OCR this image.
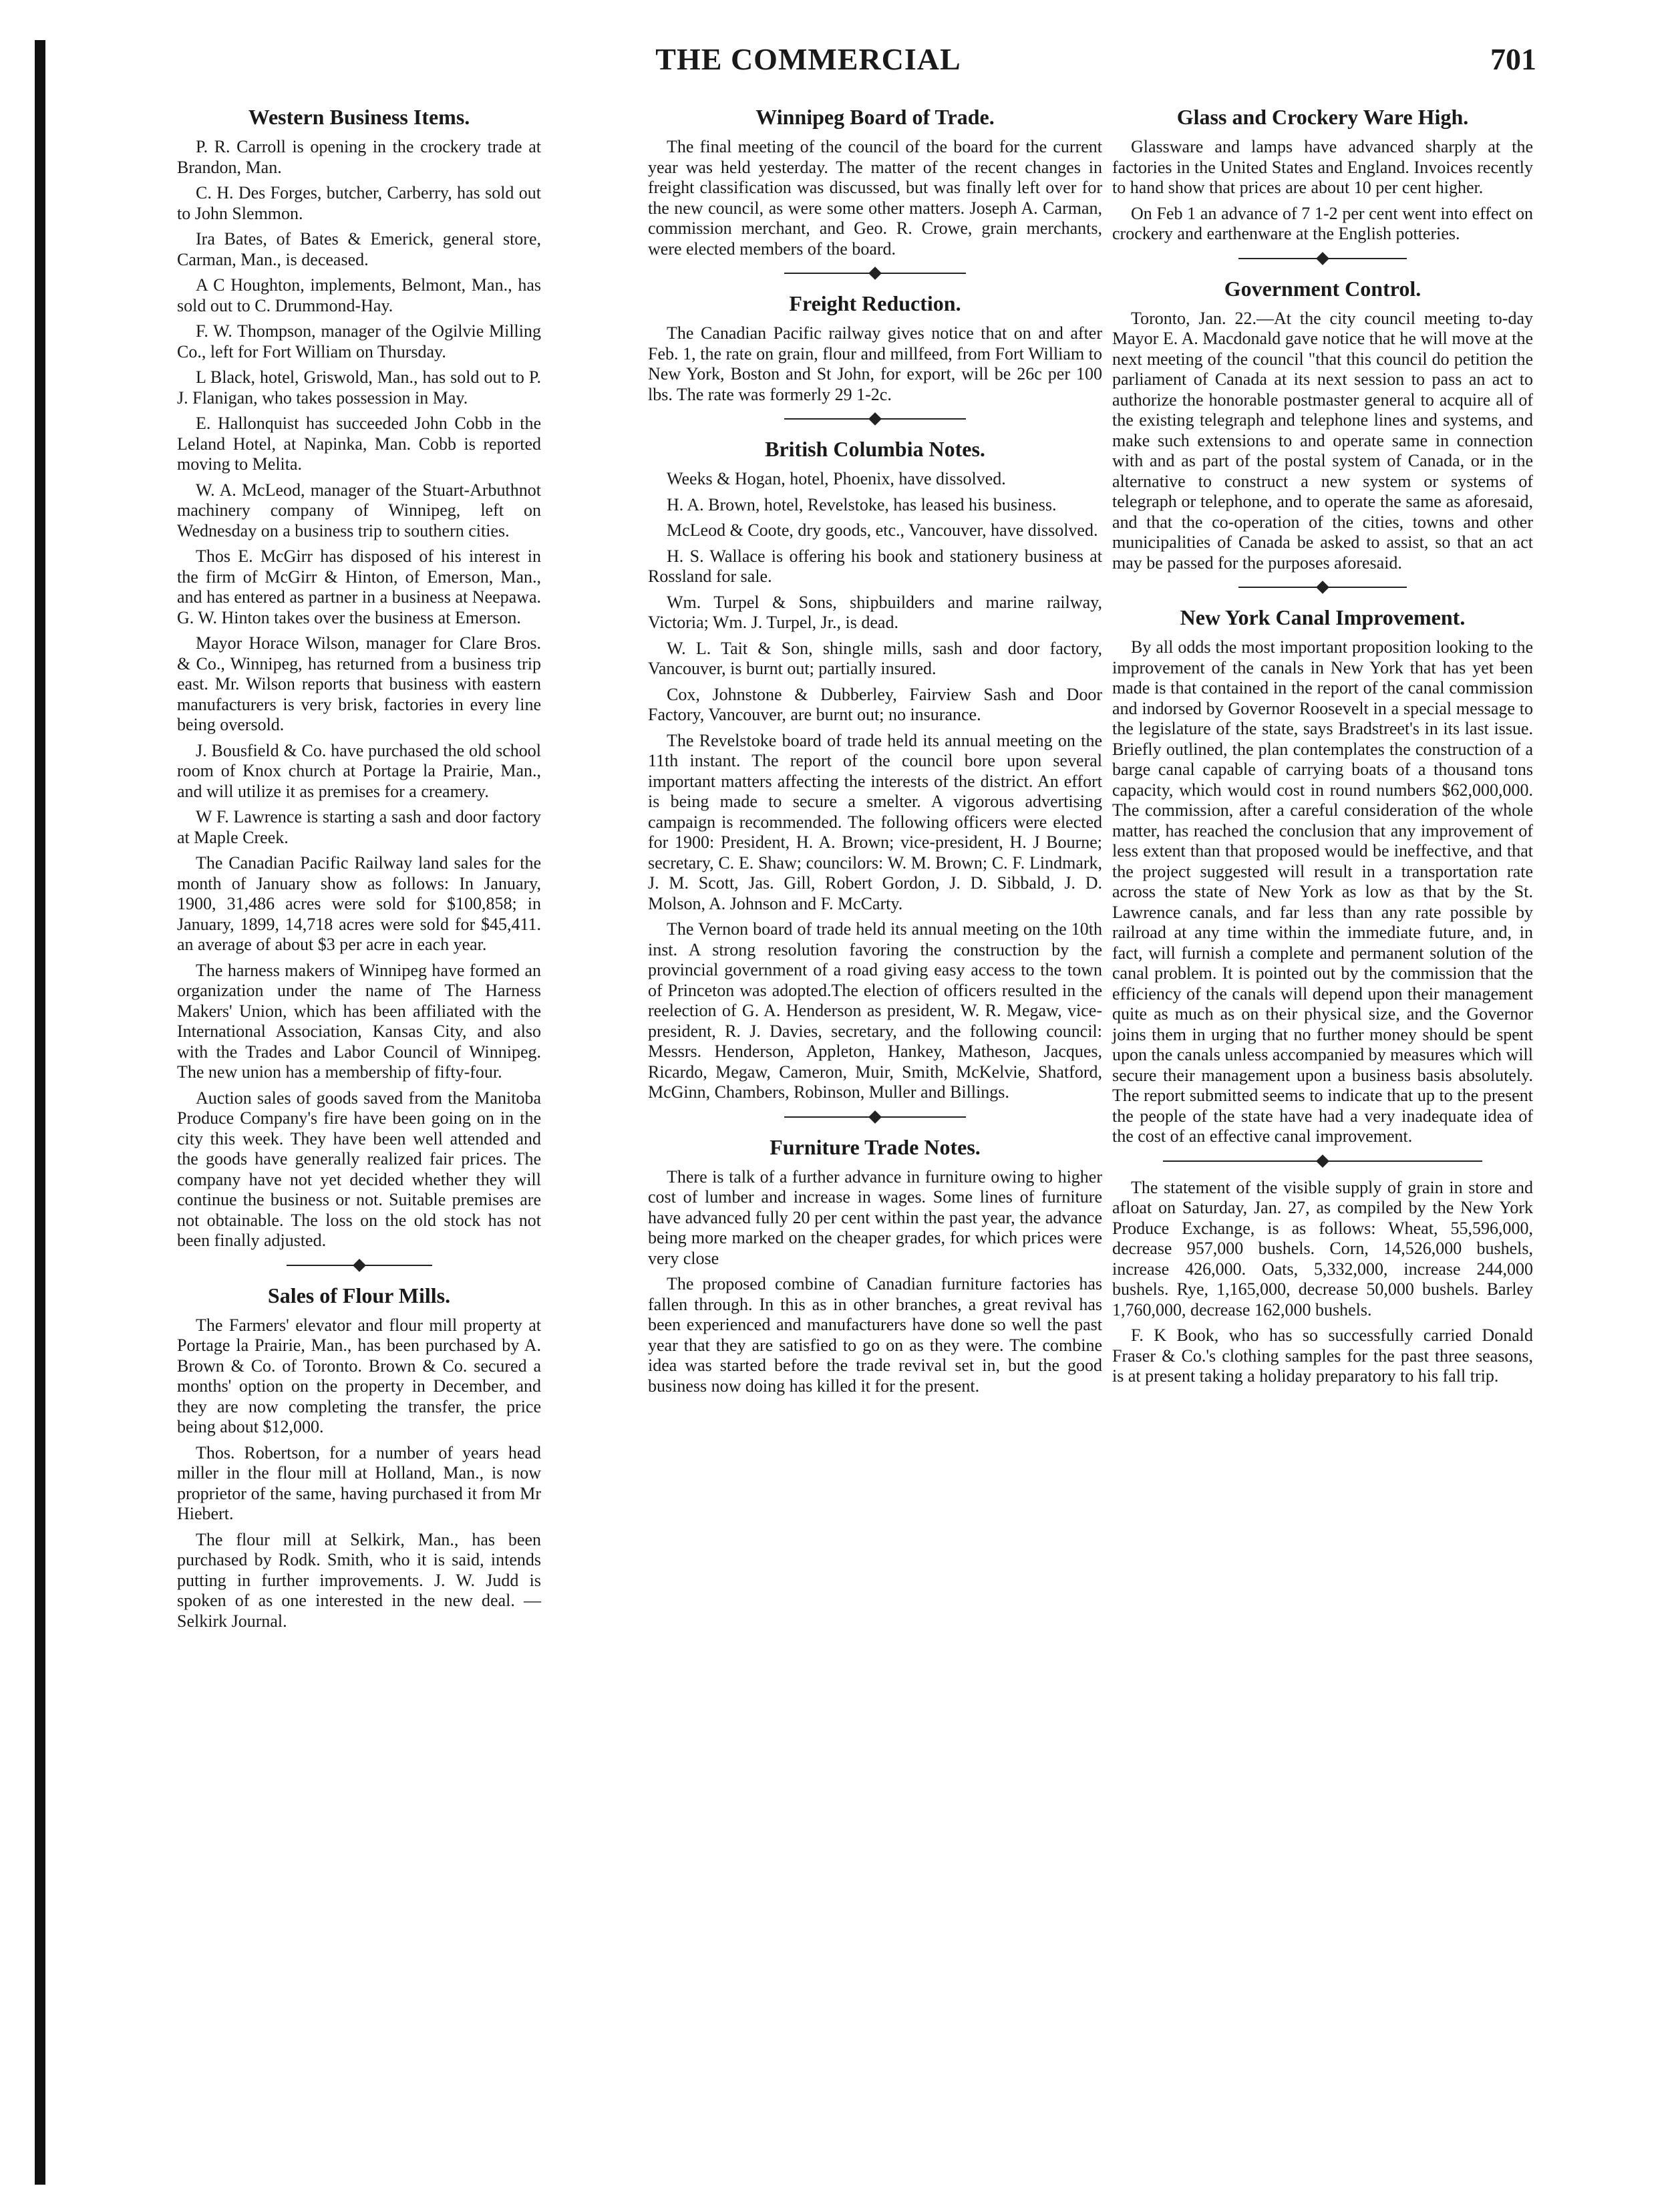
THE COMMERCIAL	701
Western Business Items.

P. R. Carroll is opening in the crockery trade at Brandon, Man.

C. H. Des Forges, butcher, Carberry, has sold out to John Slemmon.

Ira Bates, of Bates & Emerick, general store, Carman, Man., is deceased.

A C Houghton, implements, Belmont, Man., has sold out to C. Drummond-Hay.

F. W. Thompson, manager of the Ogilvie Milling Co., left for Fort William on Thursday.

L Black, hotel, Griswold, Man., has sold out to P. J. Flanigan, who takes possession in May.

E. Hallonquist has succeeded John Cobb in the Leland Hotel, at Napinka, Man. Cobb is reported moving to Melita.

W. A. McLeod, manager of the Stuart-Arbuthnot machinery company of Winnipeg, left on Wednesday on a business trip to southern cities.

Thos E. McGirr has disposed of his interest in the firm of McGirr & Hinton, of Emerson, Man., and has entered as partner in a business at Neepawa. G. W. Hinton takes over the business at Emerson.

Mayor Horace Wilson, manager for Clare Bros. & Co., Winnipeg, has returned from a business trip east. Mr. Wilson reports that business with eastern manufacturers is very brisk, factories in every line being oversold.

J. Bousfield & Co. have purchased the old school room of Knox church at Portage la Prairie, Man., and will utilize it as premises for a creamery.

W F. Lawrence is starting a sash and door factory at Maple Creek.

The Canadian Pacific Railway land sales for the month of January show as follows: In January, 1900, 31,486 acres were sold for $100,858; in January, 1899, 14,718 acres were sold for $45,411. an average of about $3 per acre in each year.

The harness makers of Winnipeg have formed an organization under the name of The Harness Makers' Union, which has been affiliated with the International Association, Kansas City, and also with the Trades and Labor Council of Winnipeg. The new union has a membership of fifty-four.

Auction sales of goods saved from the Manitoba Produce Company's fire have been going on in the city this week. They have been well attended and the goods have generally realized fair prices. The company have not yet decided whether they will continue the business or not. Suitable premises are not obtainable. The loss on the old stock has not been finally adjusted.

Sales of Flour Mills.

The Farmers' elevator and flour mill property at Portage la Prairie, Man., has been purchased by A. Brown & Co. of Toronto. Brown & Co. secured a months' option on the property in December, and they are now completing the transfer, the price being about $12,000.

Thos. Robertson, for a number of years head miller in the flour mill at Holland, Man., is now proprietor of the same, having purchased it from Mr Hiebert.

The flour mill at Selkirk, Man., has been purchased by Rodk. Smith, who it is said, intends putting in further improvements. J. W. Judd is spoken of as one interested in the new deal. —Selkirk Journal.

Winnipeg Board of Trade.

The final meeting of the council of the board for the current year was held yesterday. The matter of the recent changes in freight classification was discussed, but was finally left over for the new council, as were some other matters. Joseph A. Carman, commission merchant, and Geo. R. Crowe, grain merchants, were elected members of the board.

Freight Reduction.

The Canadian Pacific railway gives notice that on and after Feb. 1, the rate on grain, flour and millfeed, from Fort William to New York, Boston and St John, for export, will be 26c per 100 lbs. The rate was formerly 29 1-2c.

British Columbia Notes.

Weeks & Hogan, hotel, Phoenix, have dissolved.

H. A. Brown, hotel, Revelstoke, has leased his business.

McLeod & Coote, dry goods, etc., Vancouver, have dissolved.

H. S. Wallace is offering his book and stationery business at Rossland for sale.

Wm. Turpel & Sons, shipbuilders and marine railway, Victoria; Wm. J. Turpel, Jr., is dead.

W. L. Tait & Son, shingle mills, sash and door factory, Vancouver, is burnt out; partially insured.

Cox, Johnstone & Dubberley, Fairview Sash and Door Factory, Vancouver, are burnt out; no insurance.

The Revelstoke board of trade held its annual meeting on the 11th instant. The report of the council bore upon several important matters affecting the interests of the district. An effort is being made to secure a smelter. A vigorous advertising campaign is recommended. The following officers were elected for 1900: President, H. A. Brown; vice-president, H. J Bourne; secretary, C. E. Shaw; councilors: W. M. Brown; C. F. Lindmark, J. M. Scott, Jas. Gill, Robert Gordon, J. D. Sibbald, J. D. Molson, A. Johnson and F. McCarty.

The Vernon board of trade held its annual meeting on the 10th inst. A strong resolution favoring the construction by the provincial government of a road giving easy access to the town of Princeton was adopted.The election of officers resulted in the reelection of G. A. Henderson as president, W. R. Megaw, vice-president, R. J. Davies, secretary, and the following council: Messrs. Henderson, Appleton, Hankey, Matheson, Jacques, Ricardo, Megaw, Cameron, Muir, Smith, McKelvie, Shatford, McGinn, Chambers, Robinson, Muller and Billings.

Furniture Trade Notes.

There is talk of a further advance in furniture owing to higher cost of lumber and increase in wages. Some lines of furniture have advanced fully 20 per cent within the past year, the advance being more marked on the cheaper grades, for which prices were very close

The proposed combine of Canadian furniture factories has fallen through. In this as in other branches, a great revival has been experienced and manufacturers have done so well the past year that they are satisfied to go on as they were. The combine idea was started before the trade revival set in, but the good business now doing has killed it for the present.

Glass and Crockery Ware High.

Glassware and lamps have advanced sharply at the factories in the United States and England. Invoices recently to hand show that prices are about 10 per cent higher.

On Feb 1 an advance of 7 1-2 per cent went into effect on crockery and earthenware at the English potteries.

Government Control.

Toronto, Jan. 22.—At the city council meeting to-day Mayor E. A. Macdonald gave notice that he will move at the next meeting of the council "that this council do petition the parliament of Canada at its next session to pass an act to authorize the honorable postmaster general to acquire all of the existing telegraph and telephone lines and systems, and make such extensions to and operate same in connection with and as part of the postal system of Canada, or in the alternative to construct a new system or systems of telegraph or telephone, and to operate the same as aforesaid, and that the co-operation of the cities, towns and other municipalities of Canada be asked to assist, so that an act may be passed for the purposes aforesaid.

New York Canal Improvement.

By all odds the most important proposition looking to the improvement of the canals in New York that has yet been made is that contained in the report of the canal commission and indorsed by Governor Roosevelt in a special message to the legislature of the state, says Bradstreet's in its last issue. Briefly outlined, the plan contemplates the construction of a barge canal capable of carrying boats of a thousand tons capacity, which would cost in round numbers $62,000,000. The commission, after a careful consideration of the whole matter, has reached the conclusion that any improvement of less extent than that proposed would be ineffective, and that the project suggested will result in a transportation rate across the state of New York as low as that by the St. Lawrence canals, and far less than any rate possible by railroad at any time within the immediate future, and, in fact, will furnish a complete and permanent solution of the canal problem. It is pointed out by the commission that the efficiency of the canals will depend upon their management quite as much as on their physical size, and the Governor joins them in urging that no further money should be spent upon the canals unless accompanied by measures which will secure their management upon a business basis absolutely. The report submitted seems to indicate that up to the present the people of the state have had a very inadequate idea of the cost of an effective canal improvement.

The statement of the visible supply of grain in store and afloat on Saturday, Jan. 27, as compiled by the New York Produce Exchange, is as follows: Wheat, 55,596,000, decrease 957,000 bushels. Corn, 14,526,000 bushels, increase 426,000. Oats, 5,332,000, increase 244,000 bushels. Rye, 1,165,000, decrease 50,000 bushels. Barley 1,760,000, decrease 162,000 bushels.

F. K Book, who has so successfully carried Donald Fraser & Co.'s clothing samples for the past three seasons, is at present taking a holiday preparatory to his fall trip.
